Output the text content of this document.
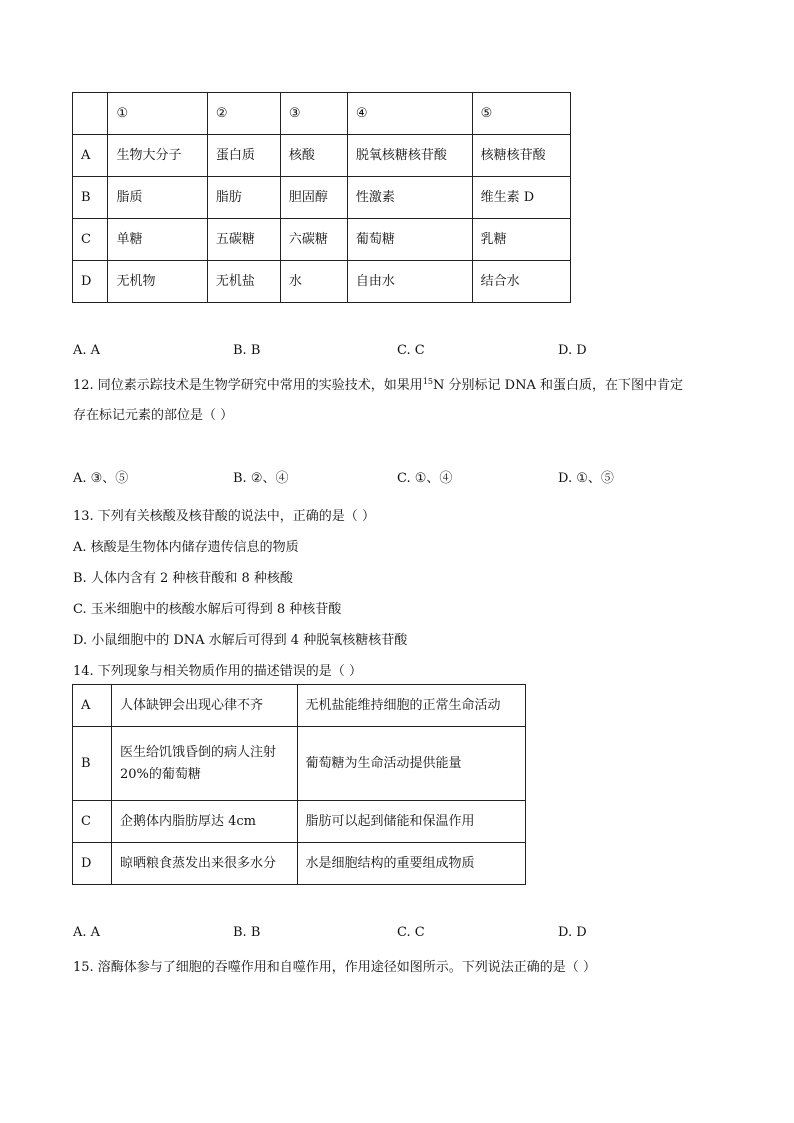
	①	②	③	④	⑤
A	生物大分子	蛋白质	核酸	脱氧核糖核苷酸	核糖核苷酸
B	脂质	脂肪	胆固醇	性激素	维生素 D
C	单糖	五碳糖	六碳糖	葡萄糖	乳糖
D	无机物	无机盐	水	自由水	结合水
A. A	B. B	C. C	D. D
12. 同位素示踪技术是生物学研究中常用的实验技术，如果用$^{15}$N 分别标记 DNA 和蛋白质，在下图中肯定
存在标记元素的部位是（ ）
A. ③、⑤	B. ②、④	C. ①、④	D. ①、⑤
13. 下列有关核酸及核苷酸的说法中，正确的是（ ）
A. 核酸是生物体内储存遗传信息的物质
B. 人体内含有 2 种核苷酸和 8 种核酸
C. 玉米细胞中的核酸水解后可得到 8 种核苷酸
D. 小鼠细胞中的 DNA 水解后可得到 4 种脱氧核糖核苷酸
14. 下列现象与相关物质作用的描述错误的是（ ）
A	人体缺钾会出现心律不齐	无机盐能维持细胞的正常生命活动
B	医生给饥饿昏倒的病人注射
20%的葡萄糖	葡萄糖为生命活动提供能量
C	企鹅体内脂肪厚达 4cm	脂肪可以起到储能和保温作用
D	晾晒粮食蒸发出来很多水分	水是细胞结构的重要组成物质
A. A	B. B	C. C	D. D
15. 溶酶体参与了细胞的吞噬作用和自噬作用，作用途径如图所示。下列说法正确的是（ ）
